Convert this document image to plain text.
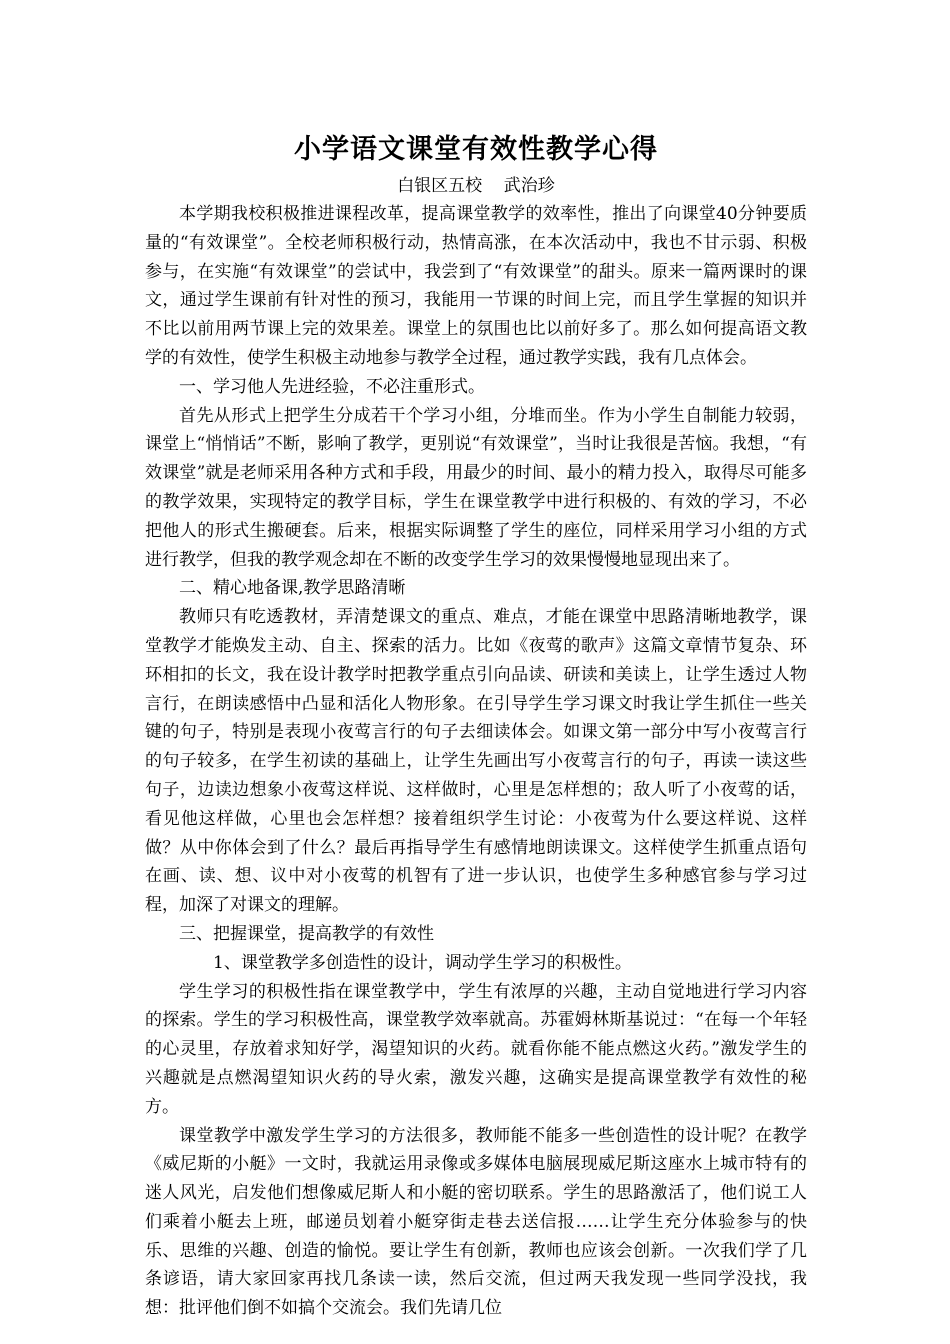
小学语文课堂有效性教学心得

白银区五校    武治珍

本学期我校积极推进课程改革，提高课堂教学的效率性，推出了向课堂40分钟要质量的“有效课堂”。全校老师积极行动，热情高涨，在本次活动中，我也不甘示弱、积极参与，在实施“有效课堂”的尝试中，我尝到了“有效课堂”的甜头。原来一篇两课时的课文，通过学生课前有针对性的预习，我能用一节课的时间上完，而且学生掌握的知识并不比以前用两节课上完的效果差。课堂上的氛围也比以前好多了。那么如何提高语文教学的有效性，使学生积极主动地参与教学全过程，通过教学实践，我有几点体会。

一、学习他人先进经验，不必注重形式。

首先从形式上把学生分成若干个学习小组，分堆而坐。作为小学生自制能力较弱，课堂上“悄悄话”不断，影响了教学，更别说“有效课堂”，当时让我很是苦恼。我想，“有效课堂”就是老师采用各种方式和手段，用最少的时间、最小的精力投入，取得尽可能多的教学效果，实现特定的教学目标，学生在课堂教学中进行积极的、有效的学习，不必把他人的形式生搬硬套。后来，根据实际调整了学生的座位，同样采用学习小组的方式进行教学，但我的教学观念却在不断的改变学生学习的效果慢慢地显现出来了。

二、精心地备课,教学思路清晰

教师只有吃透教材，弄清楚课文的重点、难点，才能在课堂中思路清晰地教学，课堂教学才能焕发主动、自主、探索的活力。比如《夜莺的歌声》这篇文章情节复杂、环环相扣的长文，我在设计教学时把教学重点引向品读、研读和美读上，让学生透过人物言行，在朗读感悟中凸显和活化人物形象。在引导学生学习课文时我让学生抓住一些关键的句子，特别是表现小夜莺言行的句子去细读体会。如课文第一部分中写小夜莺言行的句子较多，在学生初读的基础上，让学生先画出写小夜莺言行的句子，再读一读这些句子，边读边想象小夜莺这样说、这样做时，心里是怎样想的；敌人听了小夜莺的话，看见他这样做，心里也会怎样想？接着组织学生讨论：小夜莺为什么要这样说、这样做？从中你体会到了什么？最后再指导学生有感情地朗读课文。这样使学生抓重点语句在画、读、想、议中对小夜莺的机智有了进一步认识，也使学生多种感官参与学习过程，加深了对课文的理解。

三、把握课堂，提高教学的有效性

1、课堂教学多创造性的设计，调动学生学习的积极性。

学生学习的积极性指在课堂教学中，学生有浓厚的兴趣，主动自觉地进行学习内容的探索。学生的学习积极性高，课堂教学效率就高。苏霍姆林斯基说过：“在每一个年轻的心灵里，存放着求知好学，渴望知识的火药。就看你能不能点燃这火药。”激发学生的兴趣就是点燃渴望知识火药的导火索，激发兴趣，这确实是提高课堂教学有效性的秘方。

课堂教学中激发学生学习的方法很多，教师能不能多一些创造性的设计呢？在教学《威尼斯的小艇》一文时，我就运用录像或多媒体电脑展现威尼斯这座水上城市特有的迷人风光，启发他们想像威尼斯人和小艇的密切联系。学生的思路激活了，他们说工人们乘着小艇去上班，邮递员划着小艇穿街走巷去送信报……让学生充分体验参与的快乐、思维的兴趣、创造的愉悦。要让学生有创新，教师也应该会创新。一次我们学了几条谚语，请大家回家再找几条读一读，然后交流，但过两天我发现一些同学没找，我想：批评他们倒不如搞个交流会。我们先请几位
